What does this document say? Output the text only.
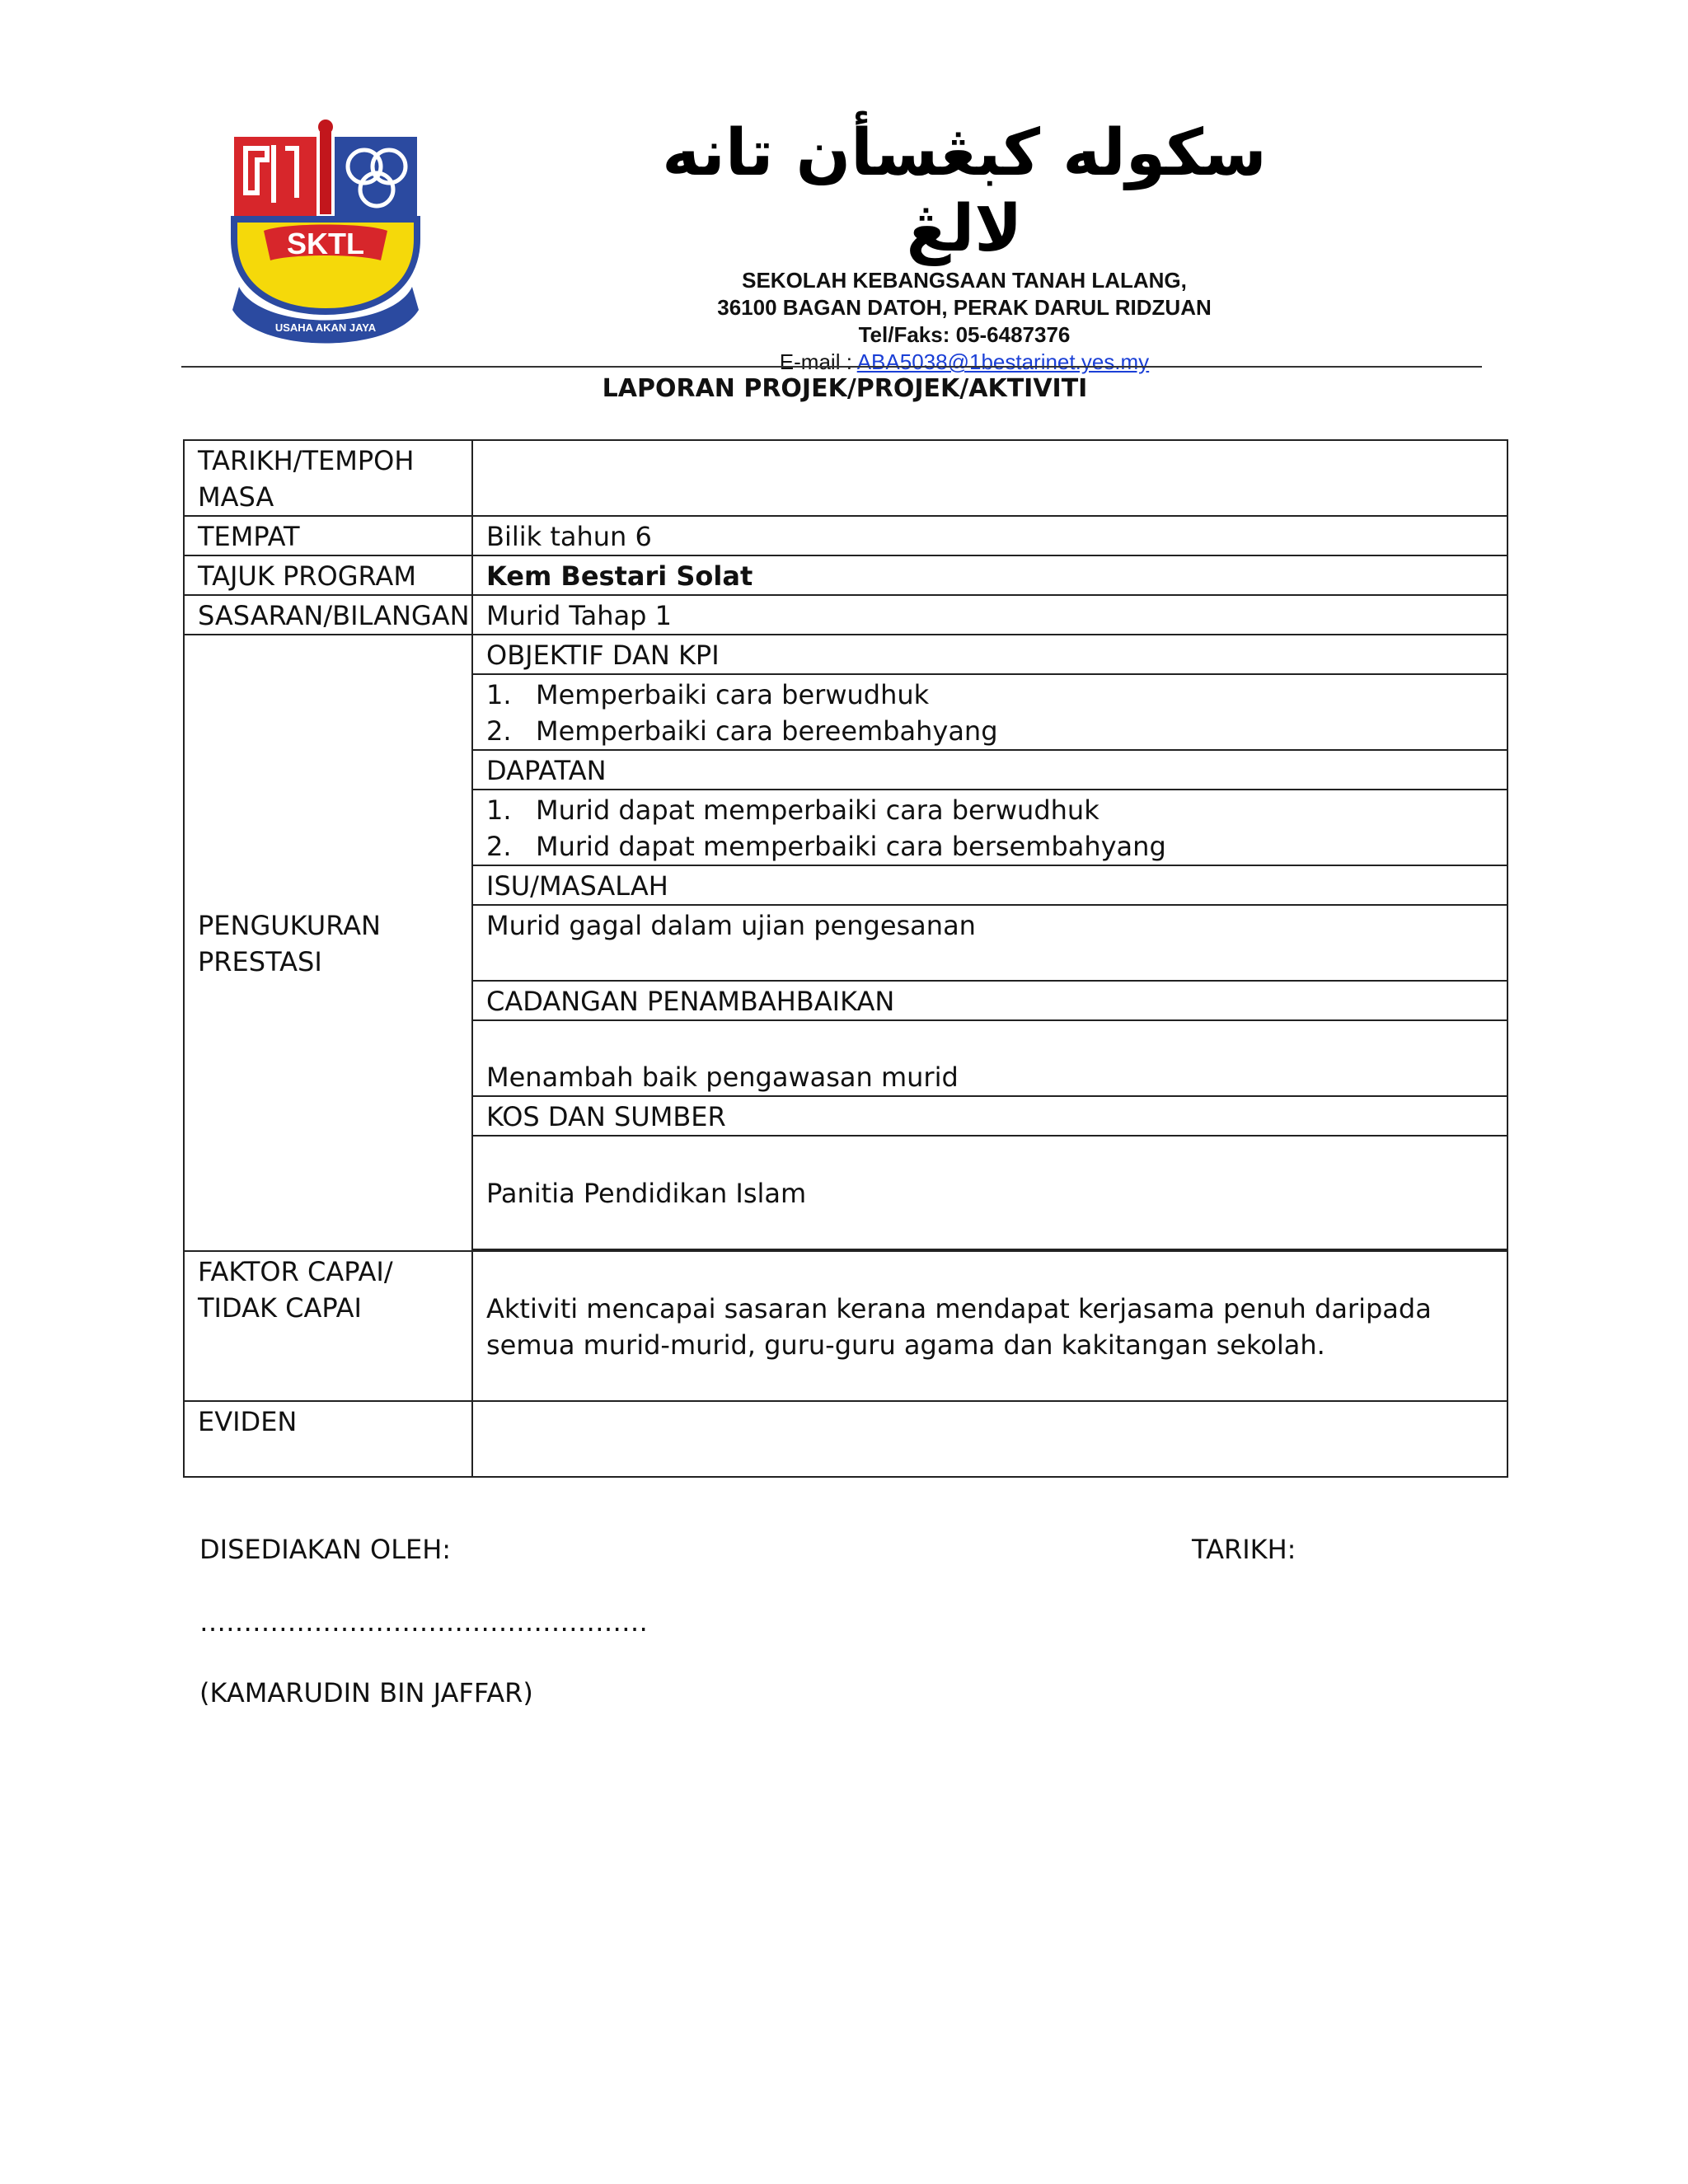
SKTL
USAHA AKAN JAYA
سكوله كبڠسأن تانه لالڠ
SEKOLAH KEBANGSAAN TANAH LALANG,
36100 BAGAN DATOH, PERAK DARUL RIDZUAN
Tel/Faks: 05-6487376
E-mail : ABA5038@1bestarinet.yes.my
LAPORAN PROJEK/PROJEK/AKTIVITI
TARIKH/TEMPOH MASA	
TEMPAT	Bilik tahun 6
TAJUK PROGRAM	Kem Bestari Solat
SASARAN/BILANGAN	Murid Tahap 1

PENGUKURAN PRESTASI	OBJEKTIF DAN KPI

	1. Memperbaiki cara berwudhuk
2. Memperbaiki cara bereembahyang

	DAPATAN

	1. Murid dapat memperbaiki cara berwudhuk
2. Murid dapat memperbaiki cara bersembahyang

	ISU/MASALAH
	Murid gagal dalam ujian pengesanan
	CADANGAN PENAMBAHBAIKAN
	Menambah baik pengawasan murid
	KOS DAN SUMBER
	Panitia Pendidikan Islam

FAKTOR CAPAI/
TIDAK CAPAI	Aktiviti mencapai sasaran kerana mendapat kerjasama penuh daripada semua murid-murid, guru-guru agama dan kakitangan sekolah.
EVIDEN	
DISEDIAKAN OLEH:	TARIKH:
……………………………………………
(KAMARUDIN BIN JAFFAR)
